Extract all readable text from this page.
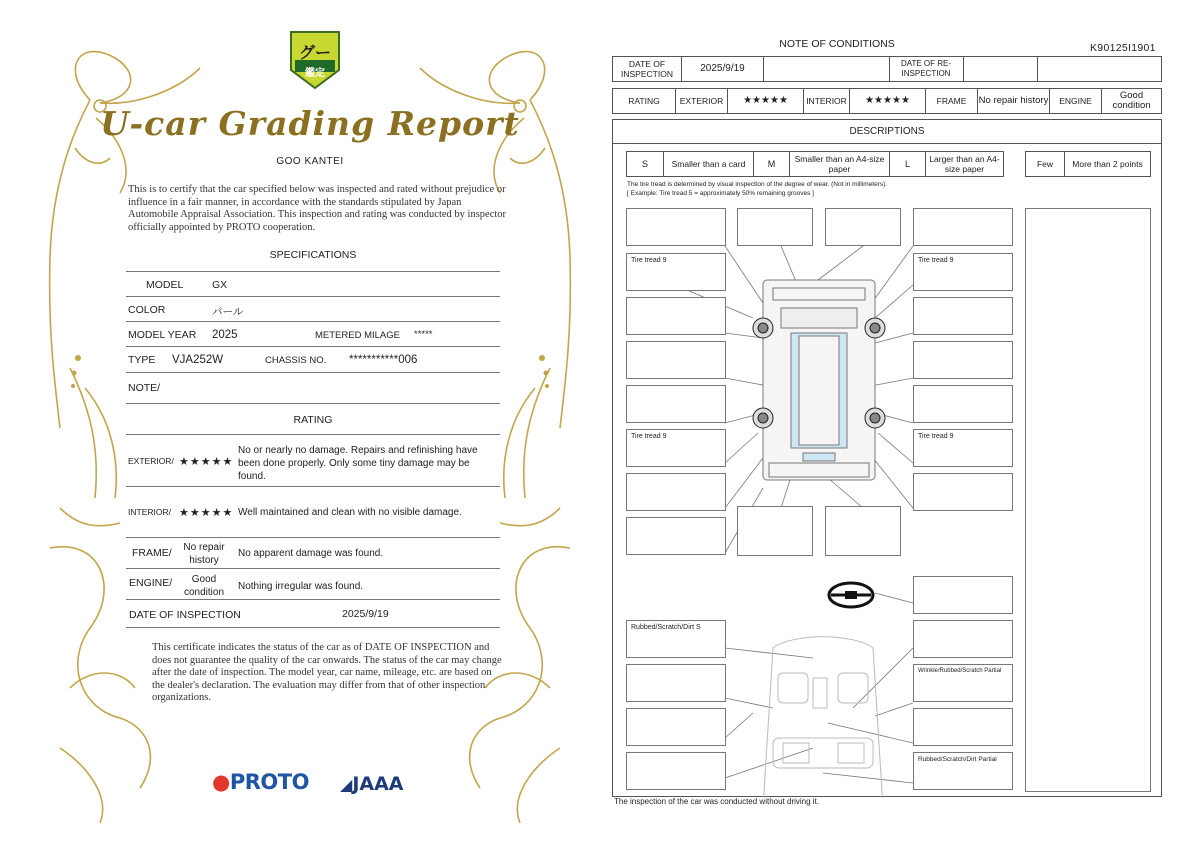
グー
鑑定
U-car Grading Report
GOO KANTEI
This is to certify that the car specified below was inspected and rated without prejudice or influence in a fair manner, in accordance with the standards stipulated by Japan Automobile Appraisal Association. This inspection and rating was conducted by inspector officially appointed by PROTO cooperation.
SPECIFICATIONS
MODEL	GX
COLOR	パール
MODEL YEAR 2025	METERED MILAGE *****
TYPE VJA252W	CHASSIS NO. ***********006
NOTE/
RATING
EXTERIOR/ ★★★★★
No or nearly no damage. Repairs and refinishing have been done properly. Only some tiny damage may be found.
INTERIOR/ ★★★★★ Well maintained and clean with no visible damage.
FRAME/	No repair history
No apparent damage was found.
ENGINE/	Good condition
Nothing irregular was found.
DATE OF INSPECTION	2025/9/19
This certificate indicates the status of the car as of DATE OF INSPECTION and does not guarantee the quality of the car onwards. The status of the car may change after the date of inspection. The model year, car name, mileage, etc. are based on the dealer's declaration. The evaluation may differ from that of other inspection organizations.
●PROTO ◢JAAA
NOTE OF CONDITIONS	K90125I1901
DATE OF INSPECTION	2025/9/19	DATE OF RE-INSPECTION
RATING	EXTERIOR	★★★★★	INTERIOR ★★★★★	FRAME	No repair history	ENGINE	Good condition
DESCRIPTIONS
S	Smaller than a card	M	Smaller than an A4-size paper	L	Larger than an A4-size paper	Few	More than 2 points
The tire tread is determined by visual inspection of the degree of wear. (Not in millimeters).
[ Example: Tire tread 5 = approximately 50% remaining grooves ]
Tire tread 9	Tire tread 9
Tire tread 9	Tire tread 9
Rubbed/Scratch/Dirt S
Wrinkle/Rubbed/Scratch Partial
Rubbed/Scratch/Dirt Partial
The inspection of the car was conducted without driving it.
